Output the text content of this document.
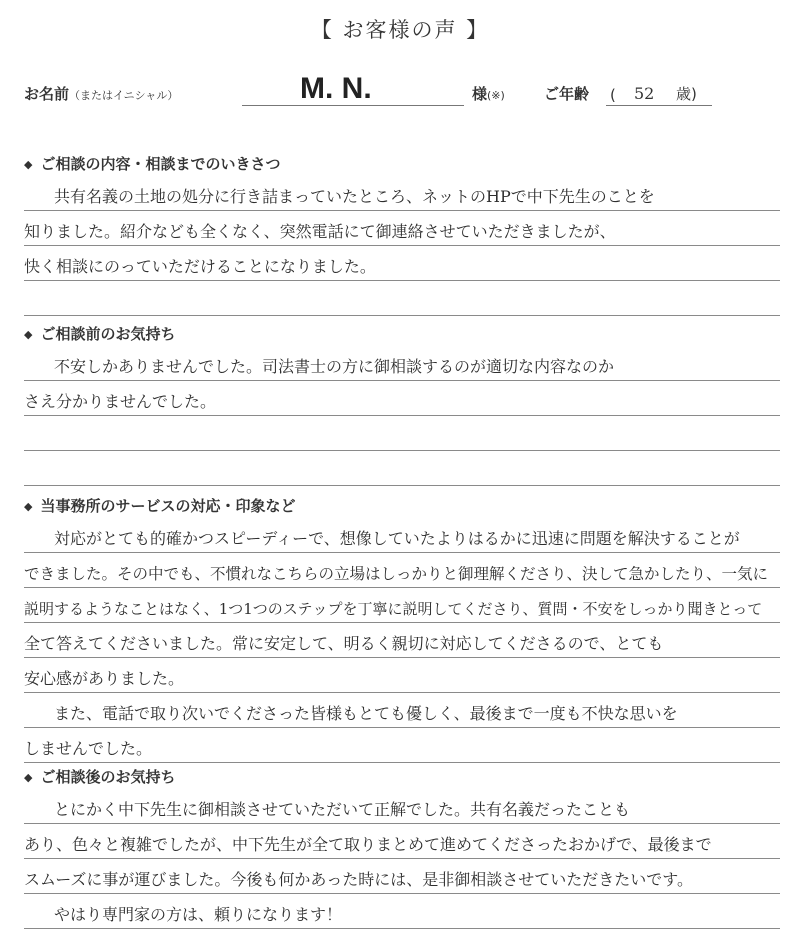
【 お客様の声 】
お名前（またはイニシャル）	M. N.	様(※)	ご年齢 ( 52 歳)
◆ ご相談の内容・相談までのいきさつ
共有名義の土地の処分に行き詰まっていたところ、ネットのHPで中下先生のことを
知りました。紹介なども全くなく、突然電話にて御連絡させていただきましたが、
快く相談にのっていただけることになりました。
◆ ご相談前のお気持ち
不安しかありませんでした。司法書士の方に御相談するのが適切な内容なのか
さえ分かりませんでした。
◆ 当事務所のサービスの対応・印象など
対応がとても的確かつスピーディーで、想像していたよりはるかに迅速に問題を解決することが
できました。その中でも、不慣れなこちらの立場はしっかりと御理解くださり、決して急かしたり、一気に
説明するようなことはなく、1つ1つのステップを丁寧に説明してくださり、質問・不安をしっかり聞きとって
全て答えてくださいました。常に安定して、明るく親切に対応してくださるので、とても
安心感がありました。
また、電話で取り次いでくださった皆様もとても優しく、最後まで一度も不快な思いを
しませんでした。
◆ ご相談後のお気持ち
とにかく中下先生に御相談させていただいて正解でした。共有名義だったことも
あり、色々と複雑でしたが、中下先生が全て取りまとめて進めてくださったおかげで、最後まで
スムーズに事が運びました。今後も何かあった時には、是非御相談させていただきたいです。
やはり専門家の方は、頼りになります！
